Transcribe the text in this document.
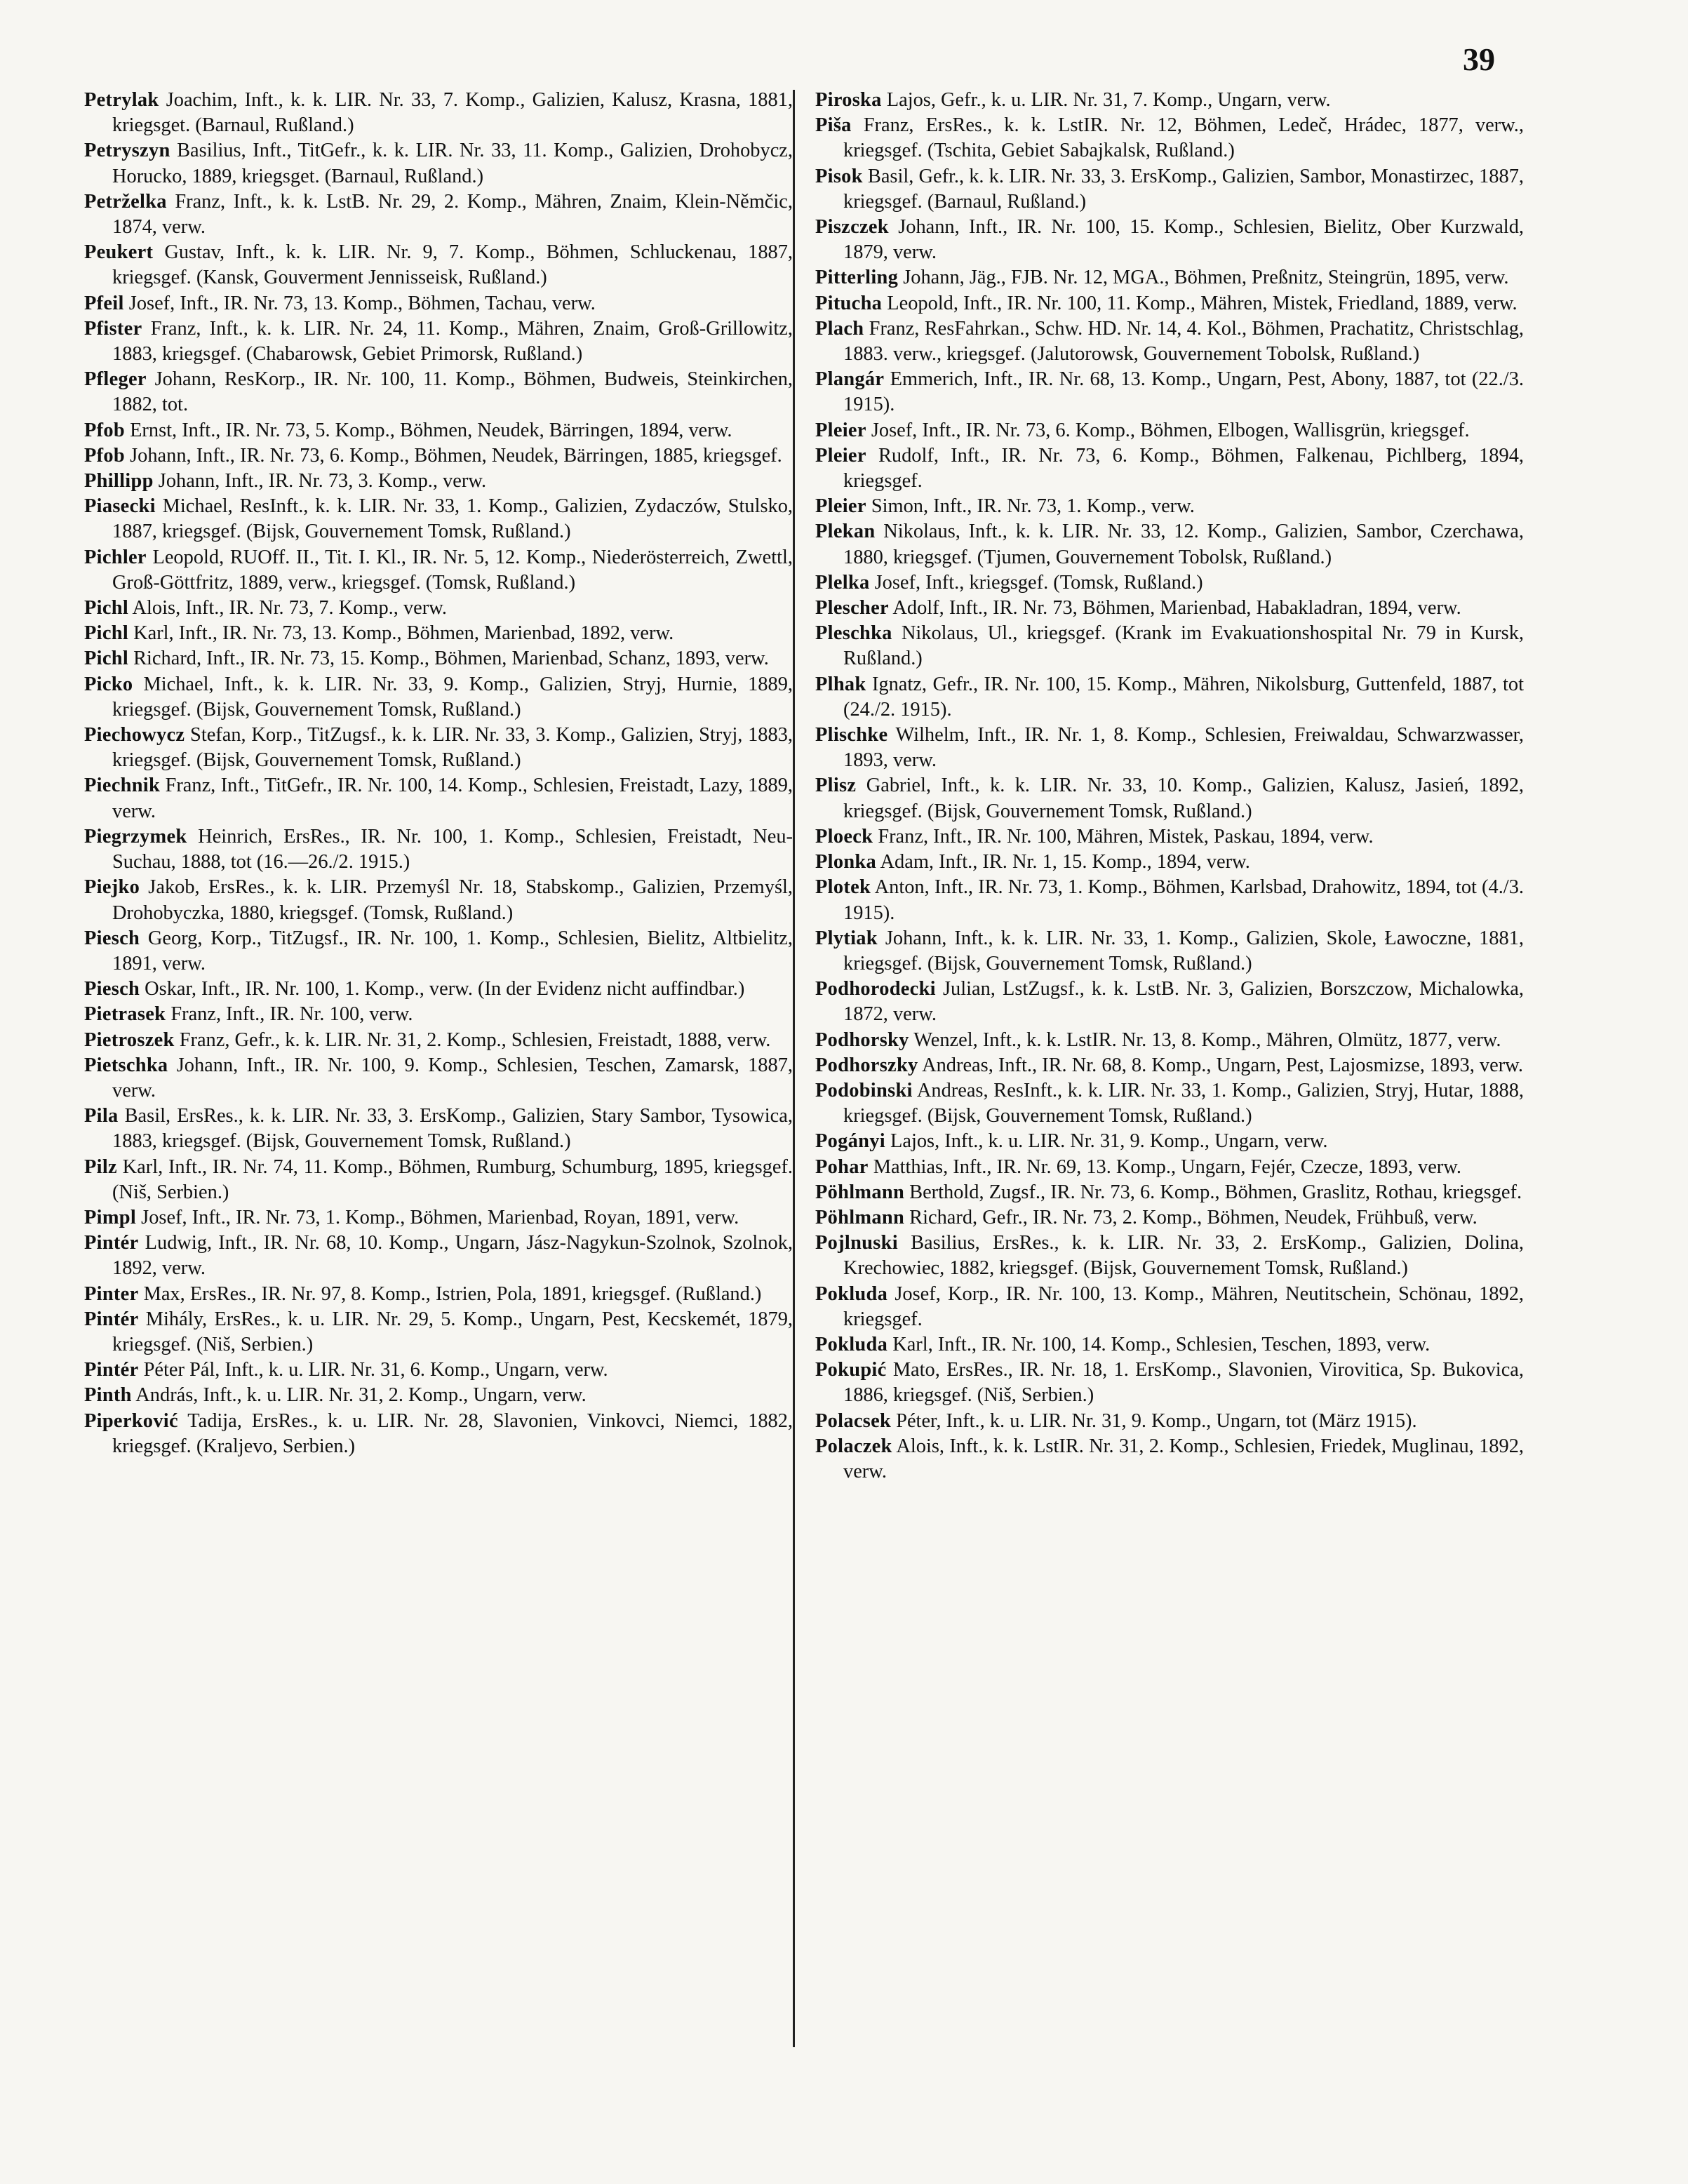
39

Petrylak Joachim, Inft., k. k. LIR. Nr. 33, 7. Komp., Galizien, Kalusz, Krasna, 1881, kriegsget. (Barnaul, Rußland.)

Petryszyn Basilius, Inft., TitGefr., k. k. LIR. Nr. 33, 11. Komp., Galizien, Drohobycz, Horucko, 1889, kriegsget. (Barnaul, Rußland.)

Petrželka Franz, Inft., k. k. LstB. Nr. 29, 2. Komp., Mähren, Znaim, Klein-Němčic, 1874, verw.

Peukert Gustav, Inft., k. k. LIR. Nr. 9, 7. Komp., Böhmen, Schluckenau, 1887, kriegsgef. (Kansk, Gouverment Jennisseisk, Rußland.)

Pfeil Josef, Inft., IR. Nr. 73, 13. Komp., Böhmen, Tachau, verw.

Pfister Franz, Inft., k. k. LIR. Nr. 24, 11. Komp., Mähren, Znaim, Groß-Grillowitz, 1883, kriegsgef. (Chabarowsk, Gebiet Primorsk, Rußland.)

Pfleger Johann, ResKorp., IR. Nr. 100, 11. Komp., Böhmen, Budweis, Steinkirchen, 1882, tot.

Pfob Ernst, Inft., IR. Nr. 73, 5. Komp., Böhmen, Neudek, Bärringen, 1894, verw.

Pfob Johann, Inft., IR. Nr. 73, 6. Komp., Böhmen, Neudek, Bärringen, 1885, kriegsgef.

Phillipp Johann, Inft., IR. Nr. 73, 3. Komp., verw.

Piasecki Michael, ResInft., k. k. LIR. Nr. 33, 1. Komp., Galizien, Zydaczów, Stulsko, 1887, kriegsgef. (Bijsk, Gouvernement Tomsk, Rußland.)

Pichler Leopold, RUOff. II., Tit. I. Kl., IR. Nr. 5, 12. Komp., Niederösterreich, Zwettl, Groß-Göttfritz, 1889, verw., kriegsgef. (Tomsk, Rußland.)

Pichl Alois, Inft., IR. Nr. 73, 7. Komp., verw.

Pichl Karl, Inft., IR. Nr. 73, 13. Komp., Böhmen, Marienbad, 1892, verw.

Pichl Richard, Inft., IR. Nr. 73, 15. Komp., Böhmen, Marienbad, Schanz, 1893, verw.

Picko Michael, Inft., k. k. LIR. Nr. 33, 9. Komp., Galizien, Stryj, Hurnie, 1889, kriegsgef. (Bijsk, Gouvernement Tomsk, Rußland.)

Piechowycz Stefan, Korp., TitZugsf., k. k. LIR. Nr. 33, 3. Komp., Galizien, Stryj, 1883, kriegsgef. (Bijsk, Gouvernement Tomsk, Rußland.)

Piechnik Franz, Inft., TitGefr., IR. Nr. 100, 14. Komp., Schlesien, Freistadt, Lazy, 1889, verw.

Piegrzymek Heinrich, ErsRes., IR. Nr. 100, 1. Komp., Schlesien, Freistadt, Neu-Suchau, 1888, tot (16.—26./2. 1915.)

Piejko Jakob, ErsRes., k. k. LIR. Przemyśl Nr. 18, Stabskomp., Galizien, Przemyśl, Drohobyczka, 1880, kriegsgef. (Tomsk, Rußland.)

Piesch Georg, Korp., TitZugsf., IR. Nr. 100, 1. Komp., Schlesien, Bielitz, Altbielitz, 1891, verw.

Piesch Oskar, Inft., IR. Nr. 100, 1. Komp., verw. (In der Evidenz nicht auffindbar.)

Pietrasek Franz, Inft., IR. Nr. 100, verw.

Pietroszek Franz, Gefr., k. k. LIR. Nr. 31, 2. Komp., Schlesien, Freistadt, 1888, verw.

Pietschka Johann, Inft., IR. Nr. 100, 9. Komp., Schlesien, Teschen, Zamarsk, 1887, verw.

Pila Basil, ErsRes., k. k. LIR. Nr. 33, 3. ErsKomp., Galizien, Stary Sambor, Tysowica, 1883, kriegsgef. (Bijsk, Gouvernement Tomsk, Rußland.)

Pilz Karl, Inft., IR. Nr. 74, 11. Komp., Böhmen, Rumburg, Schumburg, 1895, kriegsgef. (Niš, Serbien.)

Pimpl Josef, Inft., IR. Nr. 73, 1. Komp., Böhmen, Marienbad, Royan, 1891, verw.

Pintér Ludwig, Inft., IR. Nr. 68, 10. Komp., Ungarn, Jász-Nagykun-Szolnok, Szolnok, 1892, verw.

Pinter Max, ErsRes., IR. Nr. 97, 8. Komp., Istrien, Pola, 1891, kriegsgef. (Rußland.)

Pintér Mihály, ErsRes., k. u. LIR. Nr. 29, 5. Komp., Ungarn, Pest, Kecskemét, 1879, kriegsgef. (Niš, Serbien.)

Pintér Péter Pál, Inft., k. u. LIR. Nr. 31, 6. Komp., Ungarn, verw.

Pinth András, Inft., k. u. LIR. Nr. 31, 2. Komp., Ungarn, verw.

Piperković Tadija, ErsRes., k. u. LIR. Nr. 28, Slavonien, Vinkovci, Niemci, 1882, kriegsgef. (Kraljevo, Serbien.)

Piroska Lajos, Gefr., k. u. LIR. Nr. 31, 7. Komp., Ungarn, verw.

Piša Franz, ErsRes., k. k. LstIR. Nr. 12, Böhmen, Ledeč, Hrádec, 1877, verw., kriegsgef. (Tschita, Gebiet Sabajkalsk, Rußland.)

Pisok Basil, Gefr., k. k. LIR. Nr. 33, 3. ErsKomp., Galizien, Sambor, Monastirzec, 1887, kriegsgef. (Barnaul, Rußland.)

Piszczek Johann, Inft., IR. Nr. 100, 15. Komp., Schlesien, Bielitz, Ober Kurzwald, 1879, verw.

Pitterling Johann, Jäg., FJB. Nr. 12, MGA., Böhmen, Preßnitz, Steingrün, 1895, verw.

Pitucha Leopold, Inft., IR. Nr. 100, 11. Komp., Mähren, Mistek, Friedland, 1889, verw.

Plach Franz, ResFahrkan., Schw. HD. Nr. 14, 4. Kol., Böhmen, Prachatitz, Christschlag, 1883. verw., kriegsgef. (Jalutorowsk, Gouvernement Tobolsk, Rußland.)

Plangár Emmerich, Inft., IR. Nr. 68, 13. Komp., Ungarn, Pest, Abony, 1887, tot (22./3. 1915).

Pleier Josef, Inft., IR. Nr. 73, 6. Komp., Böhmen, Elbogen, Wallisgrün, kriegsgef.

Pleier Rudolf, Inft., IR. Nr. 73, 6. Komp., Böhmen, Falkenau, Pichlberg, 1894, kriegsgef.

Pleier Simon, Inft., IR. Nr. 73, 1. Komp., verw.

Plekan Nikolaus, Inft., k. k. LIR. Nr. 33, 12. Komp., Galizien, Sambor, Czerchawa, 1880, kriegsgef. (Tjumen, Gouvernement Tobolsk, Rußland.)

Plelka Josef, Inft., kriegsgef. (Tomsk, Rußland.)

Plescher Adolf, Inft., IR. Nr. 73, Böhmen, Marienbad, Habakladran, 1894, verw.

Pleschka Nikolaus, Ul., kriegsgef. (Krank im Evakuationshospital Nr. 79 in Kursk, Rußland.)

Plhak Ignatz, Gefr., IR. Nr. 100, 15. Komp., Mähren, Nikolsburg, Guttenfeld, 1887, tot (24./2. 1915).

Plischke Wilhelm, Inft., IR. Nr. 1, 8. Komp., Schlesien, Freiwaldau, Schwarzwasser, 1893, verw.

Plisz Gabriel, Inft., k. k. LIR. Nr. 33, 10. Komp., Galizien, Kalusz, Jasień, 1892, kriegsgef. (Bijsk, Gouvernement Tomsk, Rußland.)

Ploeck Franz, Inft., IR. Nr. 100, Mähren, Mistek, Paskau, 1894, verw.

Plonka Adam, Inft., IR. Nr. 1, 15. Komp., 1894, verw.

Plotek Anton, Inft., IR. Nr. 73, 1. Komp., Böhmen, Karlsbad, Drahowitz, 1894, tot (4./3. 1915).

Plytiak Johann, Inft., k. k. LIR. Nr. 33, 1. Komp., Galizien, Skole, Ławoczne, 1881, kriegsgef. (Bijsk, Gouvernement Tomsk, Rußland.)

Podhorodecki Julian, LstZugsf., k. k. LstB. Nr. 3, Galizien, Borszczow, Michalowka, 1872, verw.

Podhorsky Wenzel, Inft., k. k. LstIR. Nr. 13, 8. Komp., Mähren, Olmütz, 1877, verw.

Podhorszky Andreas, Inft., IR. Nr. 68, 8. Komp., Ungarn, Pest, Lajosmizse, 1893, verw.

Podobinski Andreas, ResInft., k. k. LIR. Nr. 33, 1. Komp., Galizien, Stryj, Hutar, 1888, kriegsgef. (Bijsk, Gouvernement Tomsk, Rußland.)

Pogányi Lajos, Inft., k. u. LIR. Nr. 31, 9. Komp., Ungarn, verw.

Pohar Matthias, Inft., IR. Nr. 69, 13. Komp., Ungarn, Fejér, Czecze, 1893, verw.

Pöhlmann Berthold, Zugsf., IR. Nr. 73, 6. Komp., Böhmen, Graslitz, Rothau, kriegsgef.

Pöhlmann Richard, Gefr., IR. Nr. 73, 2. Komp., Böhmen, Neudek, Frühbuß, verw.

Pojlnuski Basilius, ErsRes., k. k. LIR. Nr. 33, 2. ErsKomp., Galizien, Dolina, Krechowiec, 1882, kriegsgef. (Bijsk, Gouvernement Tomsk, Rußland.)

Pokluda Josef, Korp., IR. Nr. 100, 13. Komp., Mähren, Neutitschein, Schönau, 1892, kriegsgef.

Pokluda Karl, Inft., IR. Nr. 100, 14. Komp., Schlesien, Teschen, 1893, verw.

Pokupić Mato, ErsRes., IR. Nr. 18, 1. ErsKomp., Slavonien, Virovitica, Sp. Bukovica, 1886, kriegsgef. (Niš, Serbien.)

Polacsek Péter, Inft., k. u. LIR. Nr. 31, 9. Komp., Ungarn, tot (März 1915).

Polaczek Alois, Inft., k. k. LstIR. Nr. 31, 2. Komp., Schlesien, Friedek, Muglinau, 1892, verw.
